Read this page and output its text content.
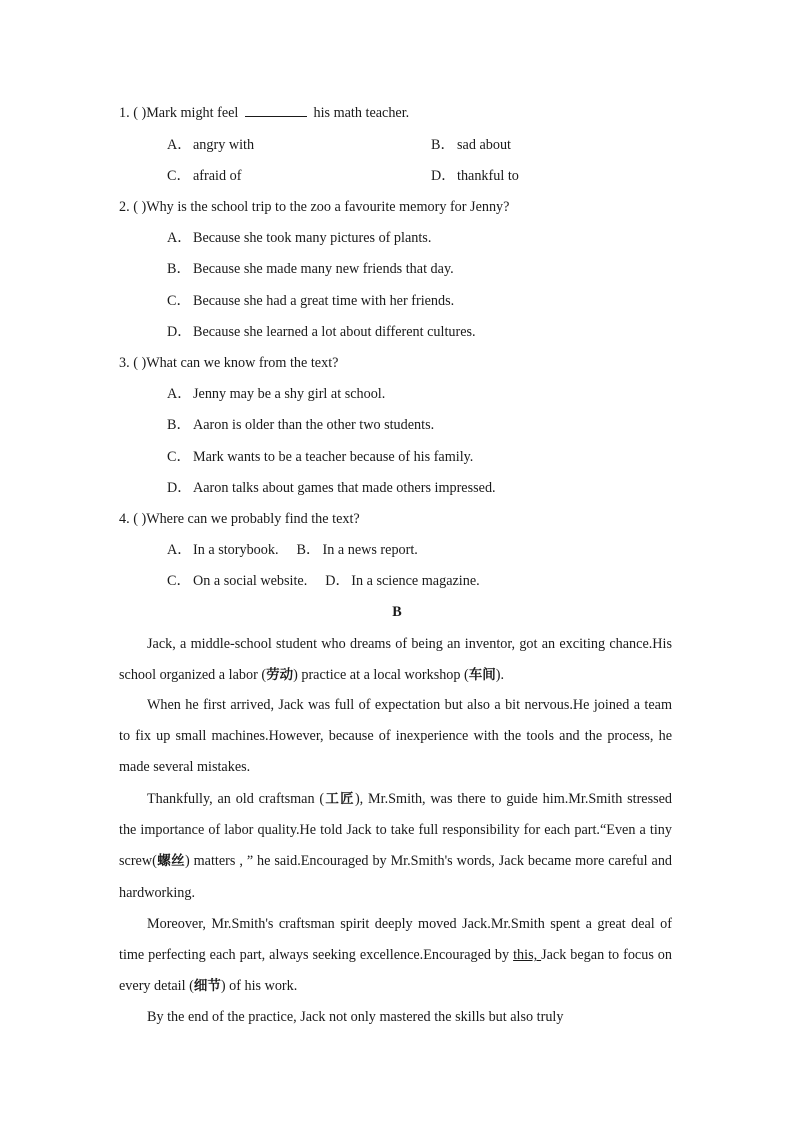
1. ( )Mark might feel	his math teacher.
A． angry with	B． sad about
C． afraid of	D． thankful to
2. ( )Why is the school trip to the zoo a favourite memory for Jenny?
A． Because she took many pictures of plants.
B． Because she made many new friends that day.
C． Because she had a great time with her friends.
D． Because she learned a lot about different cultures.
3. ( )What can we know from the text?
A． Jenny may be a shy girl at school.
B． Aaron is older than the other two students.
C． Mark wants to be a teacher because of his family.
D． Aaron talks about games that made others impressed.
4. ( )Where can we probably find the text?
A． In a storybook. B． In a news report.
C． On a social website. D． In a science magazine.
B
Jack, a middle-school student who dreams of being an inventor, got an exciting chance.His school organized a labor (劳动) practice at a local workshop (车间).
When he first arrived, Jack was full of expectation but also a bit nervous.He joined a team to fix up small machines.However, because of inexperience with the tools and the process, he made several mistakes.
Thankfully, an old craftsman (工匠), Mr.Smith, was there to guide him.Mr.Smith stressed the importance of labor quality.He told Jack to take full responsibility for each part.“Even a tiny screw(螺丝) matters , ” he said.Encouraged by Mr.Smith's words, Jack became more careful and hardworking.
Moreover, Mr.Smith's craftsman spirit deeply moved Jack.Mr.Smith spent a great deal of time perfecting each part, always seeking excellence.Encouraged by this, Jack began to focus on every detail (细节) of his work.
By the end of the practice, Jack not only mastered the skills but also truly
